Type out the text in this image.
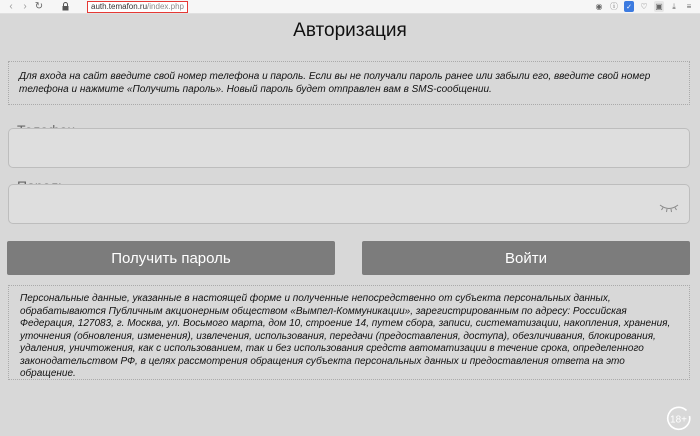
‹	› ↻	auth.temafon.ru/index.php	◉ ⓘ ✓ ♡ ▣	⤓	≡
Авторизация
Для входа на сайт введите свой номер телефона и пароль. Если вы не получали пароль ранее или забыли его, введите свой номер телефона и нажмите «Получить пароль». Новый пароль будет отправлен вам в SMS-сообщении.
Получить пароль	Войти
Персональные данные, указанные в настоящей форме и полученные непосредственно от субъекта персональных данных, обрабатываются Публичным акционерным обществом «Вымпел-Коммуникации», зарегистрированным по адресу: Российская Федерация, 127083, г. Москва, ул. Восьмого марта, дом 10, строение 14, путем сбора, записи, систематизации, накопления, хранения, уточнения (обновления, изменения), извлечения, использования, передачи (предоставления, доступа), обезличивания, блокирования, удаления, уничтожения, как с использованием, так и без использования средств автоматизации в течение срока, определенного законодательством РФ, в целях рассмотрения обращения субъекта персональных данных и предоставления ответа на это обращение.
18+
